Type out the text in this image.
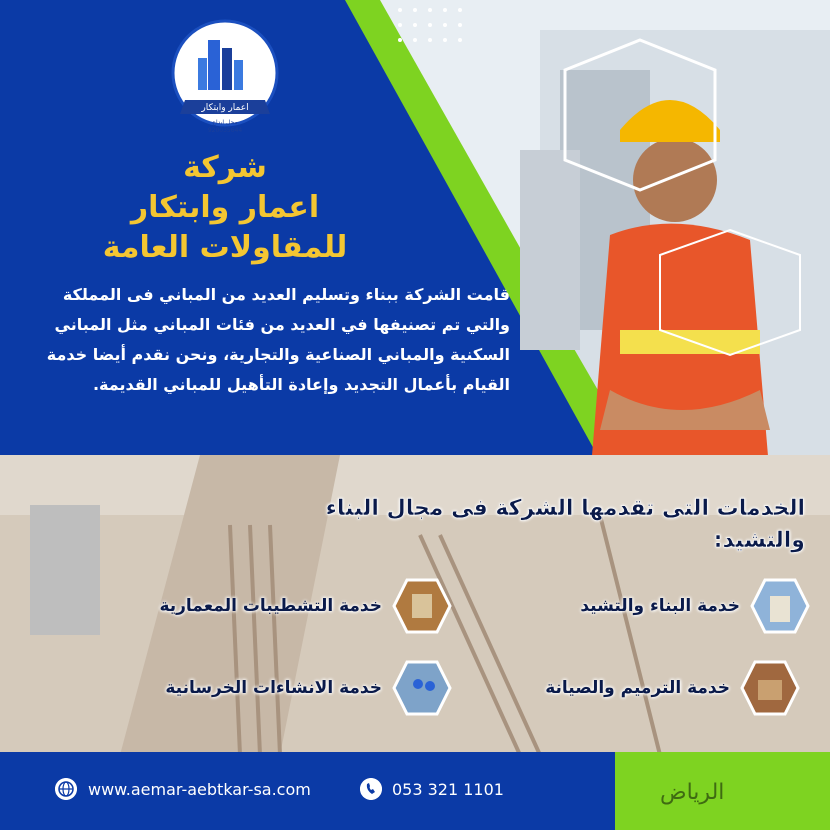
اعمار وابتكار
محل ابداع
920035644
شركة
اعمار وابتكار
للمقاولات العامة
قامت الشركة ببناء وتسليم العديد من المباني فى المملكة والتي تم تصنيفها في العديد من فئات المباني مثل المباني السكنية والمباني الصناعية والتجارية، ونحن نقدم أيضا خدمة القيام بأعمال التجديد وإعادة التأهيل للمباني القديمة.
الخدمات التى تقدمها الشركة فى مجال البناء والتشيد:
خدمة البناء والتشيد
خدمة التشطيبات المعمارية
خدمة الترميم والصيانة
خدمة الانشاءات الخرسانية
www.aemar-aebtkar-sa.com	053 321 1101	الرياض
